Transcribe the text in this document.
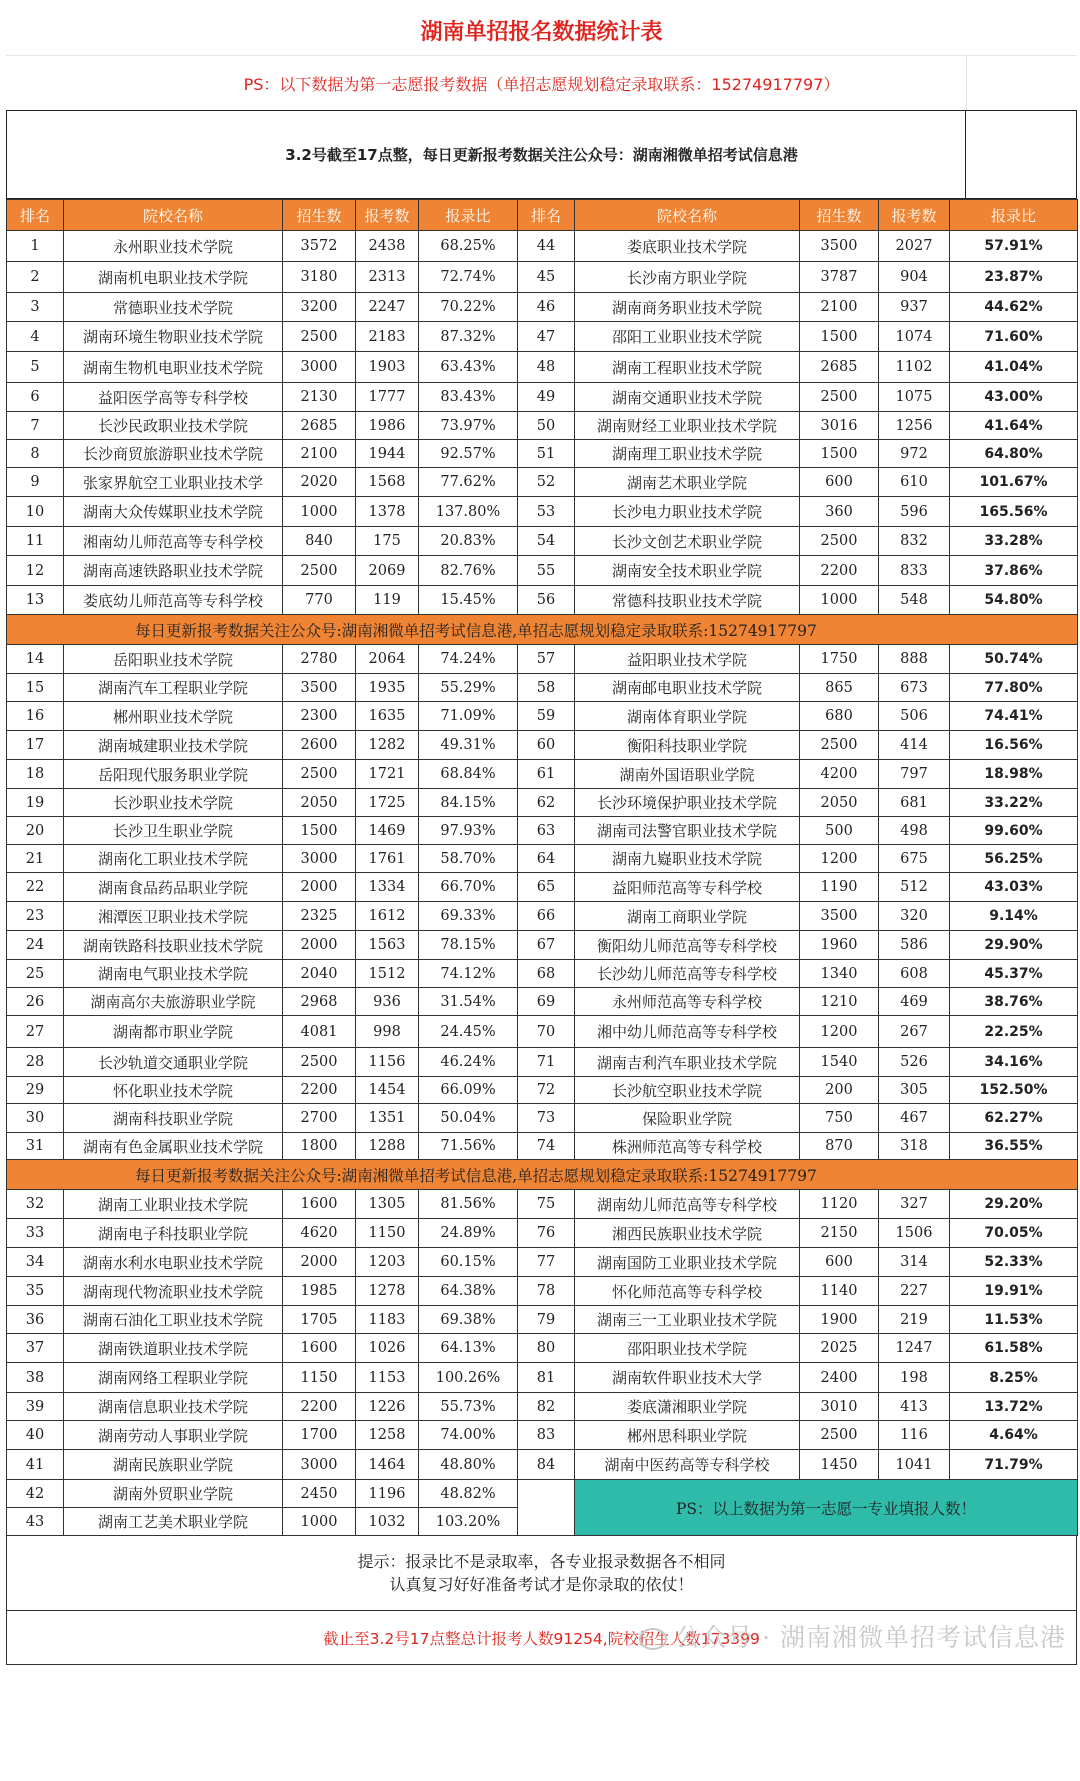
湖南单招报名数据统计表
PS：以下数据为第一志愿报考数据（单招志愿规划稳定录取联系：15274917797）
3.2号截至17点整，每日更新报考数据关注公众号：湖南湘微单招考试信息港
排名	院校名称	招生数	报考数	报录比	排名	院校名称	招生数	报考数	报录比
1	永州职业技术学院	3572	2438	68.25%	44	娄底职业技术学院	3500	2027	57.91%
2	湖南机电职业技术学院	3180	2313	72.74%	45	长沙南方职业学院	3787	904	23.87%
3	常德职业技术学院	3200	2247	70.22%	46	湖南商务职业技术学院	2100	937	44.62%
4	湖南环境生物职业技术学院	2500	2183	87.32%	47	邵阳工业职业技术学院	1500	1074	71.60%
5	湖南生物机电职业技术学院	3000	1903	63.43%	48	湖南工程职业技术学院	2685	1102	41.04%
6	益阳医学高等专科学校	2130	1777	83.43%	49	湖南交通职业技术学院	2500	1075	43.00%
7	长沙民政职业技术学院	2685	1986	73.97%	50	湖南财经工业职业技术学院	3016	1256	41.64%
8	长沙商贸旅游职业技术学院	2100	1944	92.57%	51	湖南理工职业技术学院	1500	972	64.80%
9	张家界航空工业职业技术学	2020	1568	77.62%	52	湖南艺术职业学院	600	610	101.67%
10	湖南大众传媒职业技术学院	1000	1378	137.80%	53	长沙电力职业技术学院	360	596	165.56%
11	湘南幼儿师范高等专科学校	840	175	20.83%	54	长沙文创艺术职业学院	2500	832	33.28%
12	湖南高速铁路职业技术学院	2500	2069	82.76%	55	湖南安全技术职业学院	2200	833	37.86%
13	娄底幼儿师范高等专科学校	770	119	15.45%	56	常德科技职业技术学院	1000	548	54.80%
每日更新报考数据关注公众号:湖南湘微单招考试信息港,单招志愿规划稳定录取联系:15274917797									
14	岳阳职业技术学院	2780	2064	74.24%	57	益阳职业技术学院	1750	888	50.74%
15	湖南汽车工程职业学院	3500	1935	55.29%	58	湖南邮电职业技术学院	865	673	77.80%
16	郴州职业技术学院	2300	1635	71.09%	59	湖南体育职业学院	680	506	74.41%
17	湖南城建职业技术学院	2600	1282	49.31%	60	衡阳科技职业学院	2500	414	16.56%
18	岳阳现代服务职业学院	2500	1721	68.84%	61	湖南外国语职业学院	4200	797	18.98%
19	长沙职业技术学院	2050	1725	84.15%	62	长沙环境保护职业技术学院	2050	681	33.22%
20	长沙卫生职业学院	1500	1469	97.93%	63	湖南司法警官职业技术学院	500	498	99.60%
21	湖南化工职业技术学院	3000	1761	58.70%	64	湖南九嶷职业技术学院	1200	675	56.25%
22	湖南食品药品职业学院	2000	1334	66.70%	65	益阳师范高等专科学校	1190	512	43.03%
23	湘潭医卫职业技术学院	2325	1612	69.33%	66	湖南工商职业学院	3500	320	9.14%
24	湖南铁路科技职业技术学院	2000	1563	78.15%	67	衡阳幼儿师范高等专科学校	1960	586	29.90%
25	湖南电气职业技术学院	2040	1512	74.12%	68	长沙幼儿师范高等专科学校	1340	608	45.37%
26	湖南高尔夫旅游职业学院	2968	936	31.54%	69	永州师范高等专科学校	1210	469	38.76%
27	湖南都市职业学院	4081	998	24.45%	70	湘中幼儿师范高等专科学校	1200	267	22.25%
28	长沙轨道交通职业学院	2500	1156	46.24%	71	湖南吉利汽车职业技术学院	1540	526	34.16%
29	怀化职业技术学院	2200	1454	66.09%	72	长沙航空职业技术学院	200	305	152.50%
30	湖南科技职业学院	2700	1351	50.04%	73	保险职业学院	750	467	62.27%
31	湖南有色金属职业技术学院	1800	1288	71.56%	74	株洲师范高等专科学校	870	318	36.55%
每日更新报考数据关注公众号:湖南湘微单招考试信息港,单招志愿规划稳定录取联系:15274917797									
32	湖南工业职业技术学院	1600	1305	81.56%	75	湖南幼儿师范高等专科学校	1120	327	29.20%
33	湖南电子科技职业学院	4620	1150	24.89%	76	湘西民族职业技术学院	2150	1506	70.05%
34	湖南水利水电职业技术学院	2000	1203	60.15%	77	湖南国防工业职业技术学院	600	314	52.33%
35	湖南现代物流职业技术学院	1985	1278	64.38%	78	怀化师范高等专科学校	1140	227	19.91%
36	湖南石油化工职业技术学院	1705	1183	69.38%	79	湖南三一工业职业技术学院	1900	219	11.53%
37	湖南铁道职业技术学院	1600	1026	64.13%	80	邵阳职业技术学院	2025	1247	61.58%
38	湖南网络工程职业学院	1150	1153	100.26%	81	湖南软件职业技术大学	2400	198	8.25%
39	湖南信息职业技术学院	2200	1226	55.73%	82	娄底潇湘职业学院	3010	413	13.72%
40	湖南劳动人事职业学院	1700	1258	74.00%	83	郴州思科职业学院	2500	116	4.64%
41	湖南民族职业学院	3000	1464	48.80%	84	湖南中医药高等专科学校	1450	1041	71.79%
42	湖南外贸职业学院	2450	1196	48.82%		PS：以上数据为第一志愿一专业填报人数！			
43	湖南工艺美术职业学院	1000	1032	103.20%					
提示：报录比不是录取率，各专业报录数据各不相同
认真复习好好准备考试才是你录取的依仗！
截止至3.2号17点整总计报考人数91254,院校招生人数173399
公众号 · 湖南湘微单招考试信息港
